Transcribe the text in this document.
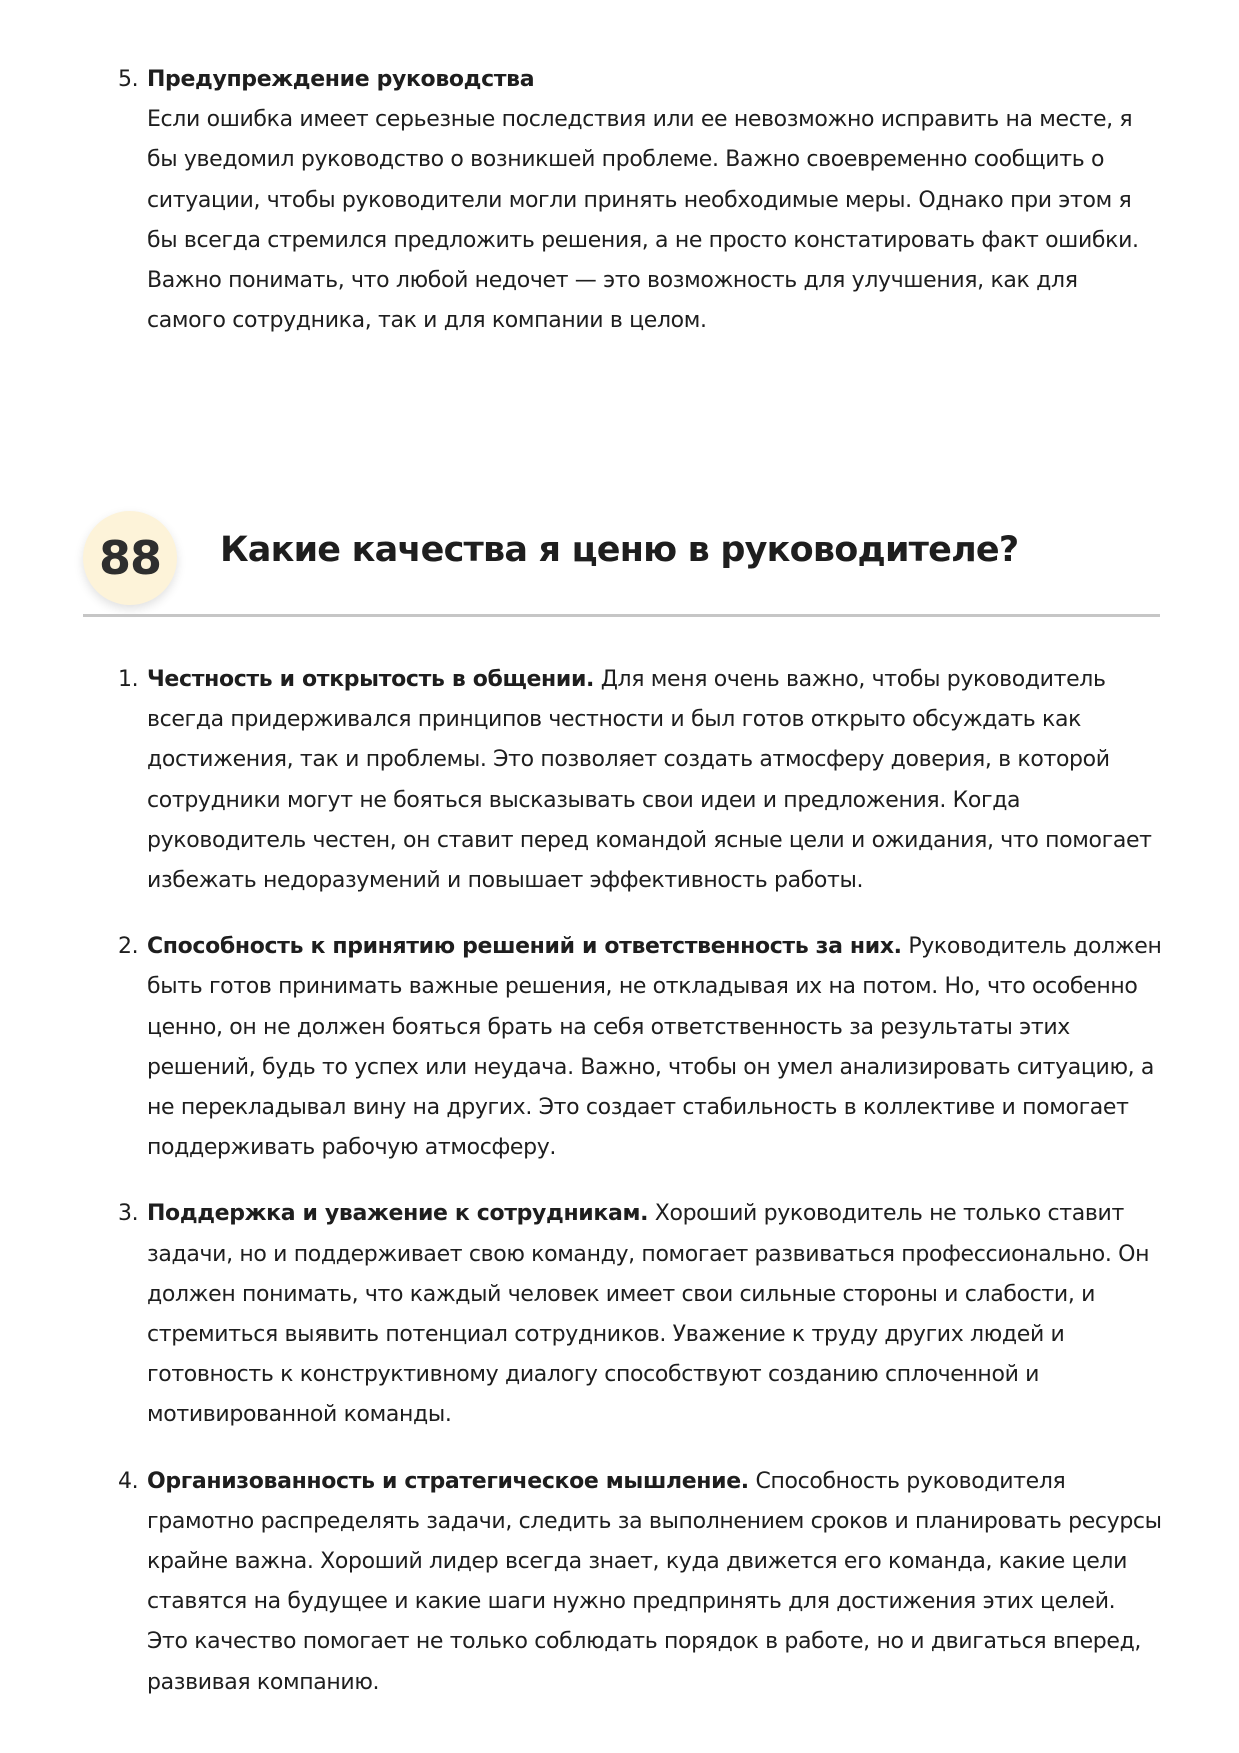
5. Предупреждение руководства
Если ошибка имеет серьезные последствия или ее невозможно исправить на месте, я бы уведомил руководство о возникшей проблеме. Важно своевременно сообщить о ситуации, чтобы руководители могли принять необходимые меры. Однако при этом я бы всегда стремился предложить решения, а не просто констатировать факт ошибки. Важно понимать, что любой недочет — это возможность для улучшения, как для самого сотрудника, так и для компании в целом.
88	Какие качества я ценю в руководителе?
1. Честность и открытость в общении. Для меня очень важно, чтобы руководитель всегда придерживался принципов честности и был готов открыто обсуждать как достижения, так и проблемы. Это позволяет создать атмосферу доверия, в которой сотрудники могут не бояться высказывать свои идеи и предложения. Когда руководитель честен, он ставит перед командой ясные цели и ожидания, что помогает избежать недоразумений и повышает эффективность работы.
2. Способность к принятию решений и ответственность за них. Руководитель должен быть готов принимать важные решения, не откладывая их на потом. Но, что особенно ценно, он не должен бояться брать на себя ответственность за результаты этих решений, будь то успех или неудача. Важно, чтобы он умел анализировать ситуацию, а не перекладывал вину на других. Это создает стабильность в коллективе и помогает поддерживать рабочую атмосферу.
3. Поддержка и уважение к сотрудникам. Хороший руководитель не только ставит задачи, но и поддерживает свою команду, помогает развиваться профессионально. Он должен понимать, что каждый человек имеет свои сильные стороны и слабости, и стремиться выявить потенциал сотрудников. Уважение к труду других людей и готовность к конструктивному диалогу способствуют созданию сплоченной и мотивированной команды.
4. Организованность и стратегическое мышление. Способность руководителя грамотно распределять задачи, следить за выполнением сроков и планировать ресурсы крайне важна. Хороший лидер всегда знает, куда движется его команда, какие цели ставятся на будущее и какие шаги нужно предпринять для достижения этих целей. Это качество помогает не только соблюдать порядок в работе, но и двигаться вперед, развивая компанию.
